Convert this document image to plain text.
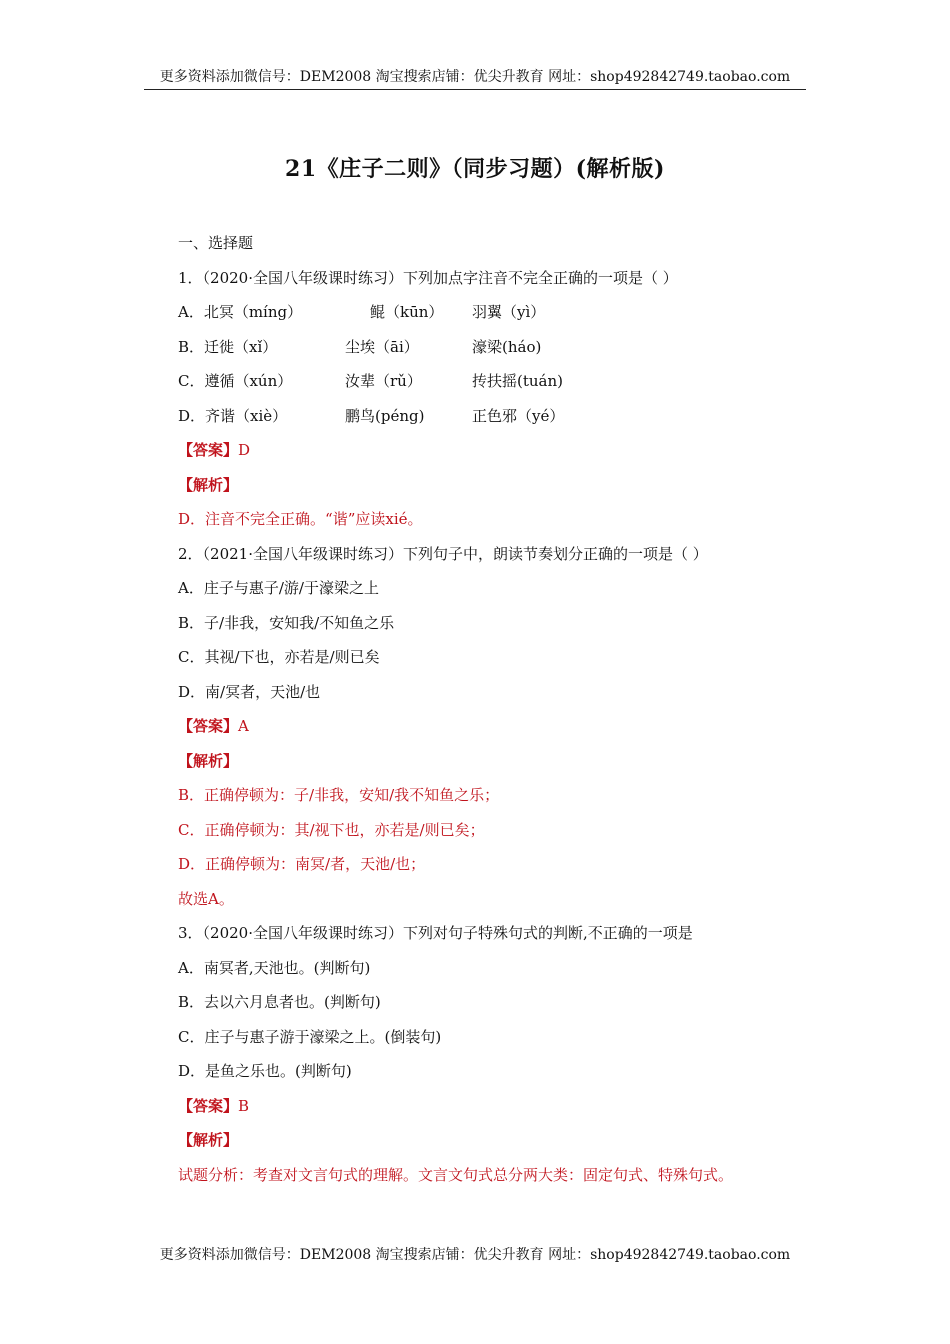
更多资料添加微信号：DEM2008 淘宝搜索店铺：优尖升教育 网址：shop492842749.taobao.com
21《庄子二则》（同步习题）(解析版)
一、选择题
1．（2020·全国八年级课时练习）下列加点字注音不完全正确的一项是（ ）
A．北冥（míng）	鲲（kūn） 羽翼（yì）
B．迁徙（xǐ）	尘埃（āi）	濠梁(háo)
C．遵循（xún）	汝辈（rǔ）	抟扶摇(tuán)
D．齐谐（xiè）	鹏鸟(péng)	正色邪（yé）
【答案】D
【解析】
D．注音不完全正确。“谐”应读xié。
2．（2021·全国八年级课时练习）下列句子中，朗读节奏划分正确的一项是（ ）
A．庄子与惠子/游/于濠梁之上
B．子/非我，安知我/不知鱼之乐
C．其视/下也，亦若是/则已矣
D．南/冥者，天池/也
【答案】A
【解析】
B．正确停顿为：子/非我，安知/我不知鱼之乐；
C．正确停顿为：其/视下也，亦若是/则已矣；
D．正确停顿为：南冥/者，天池/也；
故选A。
3．（2020·全国八年级课时练习）下列对句子特殊句式的判断,不正确的一项是
A．南冥者,天池也。(判断句)
B．去以六月息者也。(判断句)
C．庄子与惠子游于濠梁之上。(倒装句)
D．是鱼之乐也。(判断句)
【答案】B
【解析】
试题分析：考查对文言句式的理解。文言文句式总分两大类：固定句式、特殊句式。
更多资料添加微信号：DEM2008 淘宝搜索店铺：优尖升教育 网址：shop492842749.taobao.com
